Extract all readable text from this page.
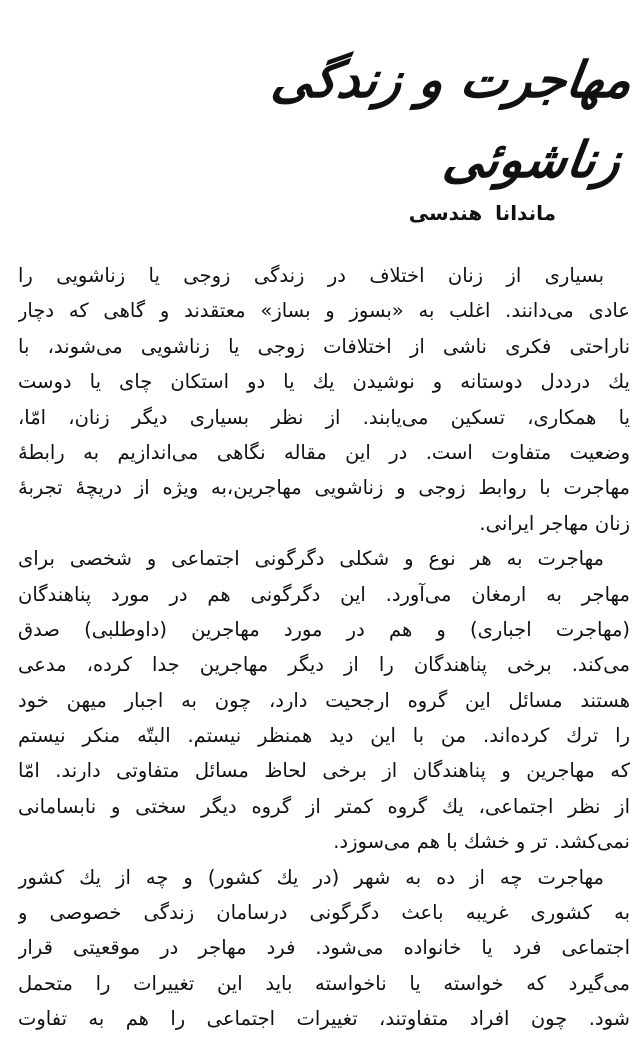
مهاجرت و زندگی زناشوئی
ماندانا هندسی
بسیاری از زنان اختلاف در زندگی زوجی یا زناشویی را
عادی می‌دانند. اغلب به «بسوز و بساز» معتقدند و گاهی که دچار
ناراحتی فکری ناشی از اختلافات زوجی یا زناشویی می‌شوند، با
یك درددل دوستانه و نوشیدن یك یا دو استكان چای یا دوست
یا همكاری، تسكین می‌یابند. از نظر بسیاری دیگر زنان، امّا،
وضعیت متفاوت است. در این مقاله نگاهی می‌اندازیم به رابطهٔ
مهاجرت با روابط زوجی و زناشویی مهاجرین،به ویژه از دریچهٔ تجربهٔ
زنان مهاجر ایرانی.
مهاجرت به هر نوع و شكلی دگرگونی اجتماعی و شخصی برای
مهاجر به ارمغان می‌آورد. این دگرگونی هم در مورد پناهندگان
(مهاجرت اجباری) و هم در مورد مهاجرین (داوطلبی) صدق
می‌كند. برخی پناهندگان را از دیگر مهاجرین جدا كرده، مدعی
هستند مسائل این گروه ارجحیت دارد، چون به اجبار میهن خود
را ترك كرده‌اند. من با این دید همنظر نیستم. البتّه منكر نیستم
كه مهاجرین و پناهندگان از برخی لحاظ مسائل متفاوتی دارند. امّا
از نظر اجتماعی، یك گروه كمتر از گروه دیگر سختی و نابسامانی
نمی‌كشد. تر و خشك با هم می‌سوزد.
مهاجرت چه از ده به شهر (در یك كشور) و چه از یك كشور
به كشوری غریبه باعث دگرگونی درسامان زندگی خصوصی و
اجتماعی فرد یا خانواده می‌شود. فرد مهاجر در موقعیتی قرار
می‌گیرد كه خواسته یا ناخواسته باید این تغییرات را متحمل
شود. چون افراد متفاوتند، تغییرات اجتماعی را هم به تفاوت
